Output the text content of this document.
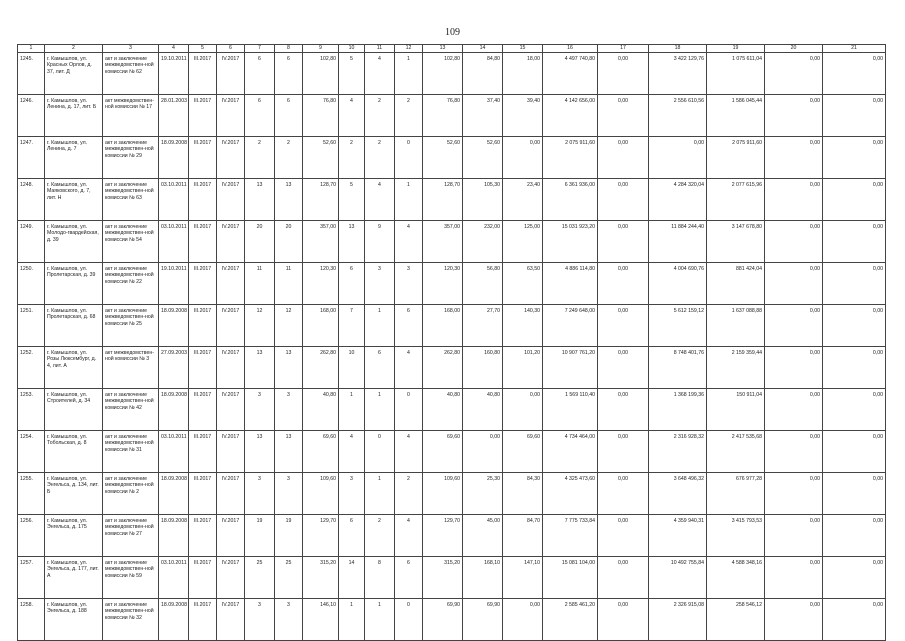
109
1	2	3	4	5	6	7	8	9	10	11	12	13	14	15	16	17	18	19	20	21
1245.	г. Камышлов, ул. Красных Орлов, д. 37, лит. Д	акт и заключение межведомствен-ной комиссии № 62	19.10.2011	III.2017	IV.2017	6	6	102,80	5	4	1	102,80	84,80	18,00	4 497 740,80	0,00	3 422 129,76	1 075 611,04	0,00	0,00
1246.	г. Камышлов, ул. Ленина, д. 17, лит. Б	акт межведомствен-ной комиссии № 17	28.01.2003	III.2017	IV.2017	6	6	76,80	4	2	2	76,80	37,40	39,40	4 142 656,00	0,00	2 556 610,56	1 586 045,44	0,00	0,00
1247.	г. Камышлов, ул. Ленина, д. 7	акт и заключение межведомствен-ной комиссии № 29	18.09.2008	III.2017	IV.2017	2	2	52,60	2	2	0	52,60	52,60	0,00	2 075 911,60	0,00	0,00	2 075 911,60	0,00	0,00
1248.	г. Камышлов, ул. Маяковского, д. 7, лит. Н	акт и заключение межведомствен-ной комиссии № 63	03.10.2011	III.2017	IV.2017	13	13	128,70	5	4	1	128,70	105,30	23,40	6 361 936,00	0,00	4 284 320,04	2 077 615,96	0,00	0,00
1249.	г. Камышлов, ул. Молодо-гвардейская, д. 39	акт и заключение межведомствен-ной комиссии № 54	03.10.2011	III.2017	IV.2017	20	20	357,00	13	9	4	357,00	232,00	125,00	15 031 923,20	0,00	11 884 244,40	3 147 678,80	0,00	0,00
1250.	г. Камышлов, ул. Пролетарская, д. 39	акт и заключение межведомствен-ной комиссии № 22	19.10.2011	III.2017	IV.2017	11	11	120,30	6	3	3	120,30	56,80	63,50	4 886 114,80	0,00	4 004 690,76	881 424,04	0,00	0,00
1251.	г. Камышлов, ул. Пролетарская, д. 68	акт и заключение межведомствен-ной комиссии № 25	18.09.2008	III.2017	IV.2017	12	12	168,00	7	1	6	168,00	27,70	140,30	7 249 648,00	0,00	5 612 159,12	1 637 088,88	0,00	0,00
1252.	г. Камышлов, ул. Розы Люксембург, д. 4, лит. А	акт межведомствен-ной комиссии № 3	27.09.2003	III.2017	IV.2017	13	13	262,80	10	6	4	262,80	160,80	101,20	10 907 761,20	0,00	8 748 401,76	2 159 359,44	0,00	0,00
1253.	г. Камышлов, ул. Строителей, д. 34	акт и заключение межведомствен-ной комиссии № 42	18.09.2008	III.2017	IV.2017	3	3	40,80	1	1	0	40,80	40,80	0,00	1 569 110,40	0,00	1 368 199,36	150 911,04	0,00	0,00
1254.	г. Камышлов, ул. Тобольская, д. 8	акт и заключение межведомствен-ной комиссии № 31	03.10.2011	III.2017	IV.2017	13	13	69,60	4	0	4	69,60	0,00	69,60	4 734 464,00	0,00	2 316 928,32	2 417 535,68	0,00	0,00
1255.	г. Камышлов, ул. Энгельса, д. 134, лит. Б	акт и заключение межведомствен-ной комиссии № 2	18.09.2008	III.2017	IV.2017	3	3	109,60	3	1	2	109,60	25,30	84,30	4 325 473,60	0,00	3 648 496,32	676 977,28	0,00	0,00
1256.	г. Камышлов, ул. Энгельса, д. 175	акт и заключение межведомствен-ной комиссии № 27	18.09.2008	III.2017	IV.2017	19	19	129,70	6	2	4	129,70	45,00	84,70	7 775 733,84	0,00	4 359 940,31	3 415 793,53	0,00	0,00
1257.	г. Камышлов, ул. Энгельса, д. 177, лит. А	акт и заключение межведомствен-ной комиссии № 59	03.10.2011	III.2017	IV.2017	25	25	315,20	14	8	6	315,20	168,10	147,10	15 081 104,00	0,00	10 492 755,84	4 588 348,16	0,00	0,00
1258.	г. Камышлов, ул. Энгельса, д. 188	акт и заключение межведомствен-ной комиссии № 32	18.09.2008	III.2017	IV.2017	3	3	146,10	1	1	0	69,90	69,90	0,00	2 585 461,20	0,00	2 326 915,08	258 546,12	0,00	0,00
